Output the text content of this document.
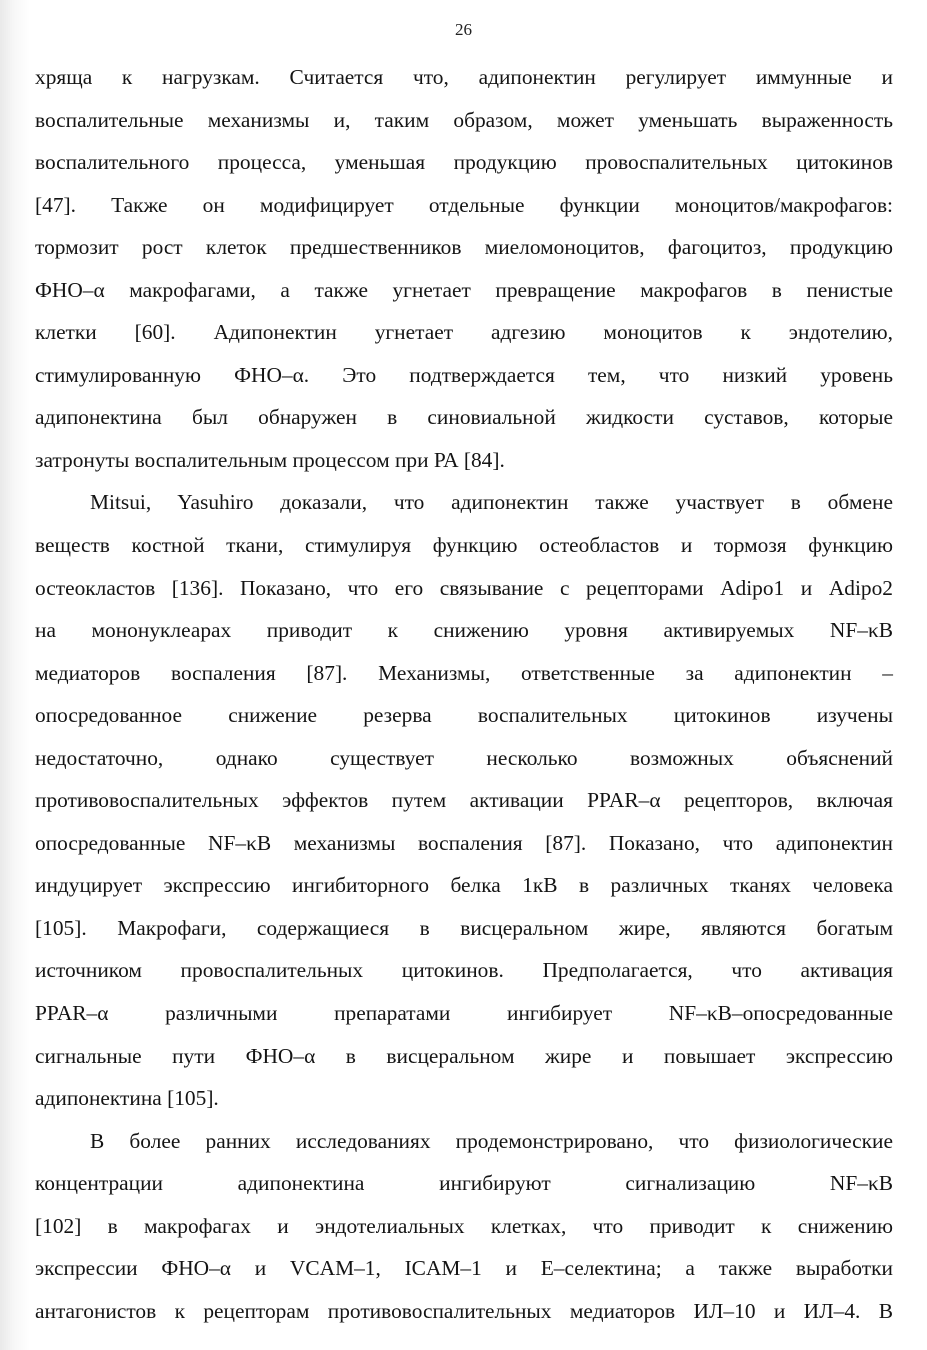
26
хряща к нагрузкам. Считается что, адипонектин регулирует иммунные и
воспалительные механизмы и, таким образом, может уменьшать выраженность
воспалительного процесса, уменьшая продукцию провоспалительных цитокинов
[47]. Также он модифицирует отдельные функции моноцитов/макрофагов:
тормозит рост клеток предшественников миеломоноцитов, фагоцитоз, продукцию
ФНО–α макрофагами, а также угнетает превращение макрофагов в пенистые
клетки [60]. Адипонектин угнетает адгезию моноцитов к эндотелию,
стимулированную ФНО–α. Это подтверждается тем, что низкий уровень
адипонектина был обнаружен в синовиальной жидкости суставов, которые
затронуты воспалительным процессом при РА [84].
Mitsui, Yasuhiro доказали, что адипонектин также участвует в обмене
веществ костной ткани, стимулируя функцию остеобластов и тормозя функцию
остеокластов [136]. Показано, что его связывание с рецепторами Adipo1 и Adipo2
на мононуклеарах приводит к снижению уровня активируемых NF–κB
медиаторов воспаления [87]. Механизмы, ответственные за адипонектин –
опосредованное снижение резерва воспалительных цитокинов изучены
недостаточно, однако существует несколько возможных объяснений
противовоспалительных эффектов путем активации PPAR–α рецепторов, включая
опосредованные NF–κB механизмы воспаления [87]. Показано, что адипонектин
индуцирует экспрессию ингибиторного белка 1кВ в различных тканях человека
[105]. Макрофаги, содержащиеся в висцеральном жире, являются богатым
источником провоспалительных цитокинов. Предполагается, что активация
PPAR–α различными препаратами ингибирует NF–κB–опосредованные
сигнальные пути ФНО–α в висцеральном жире и повышает экспрессию
адипонектина [105].
В более ранних исследованиях продемонстрировано, что физиологические
концентрации адипонектина ингибируют сигнализацию NF–κB
[102] в макрофагах и эндотелиальных клетках, что приводит к снижению
экспрессии ФНО–α и VCAM–1, ICAM–1 и E–селектина; а также выработки
антагонистов к рецепторам противовоспалительных медиаторов ИЛ–10 и ИЛ–4. В
